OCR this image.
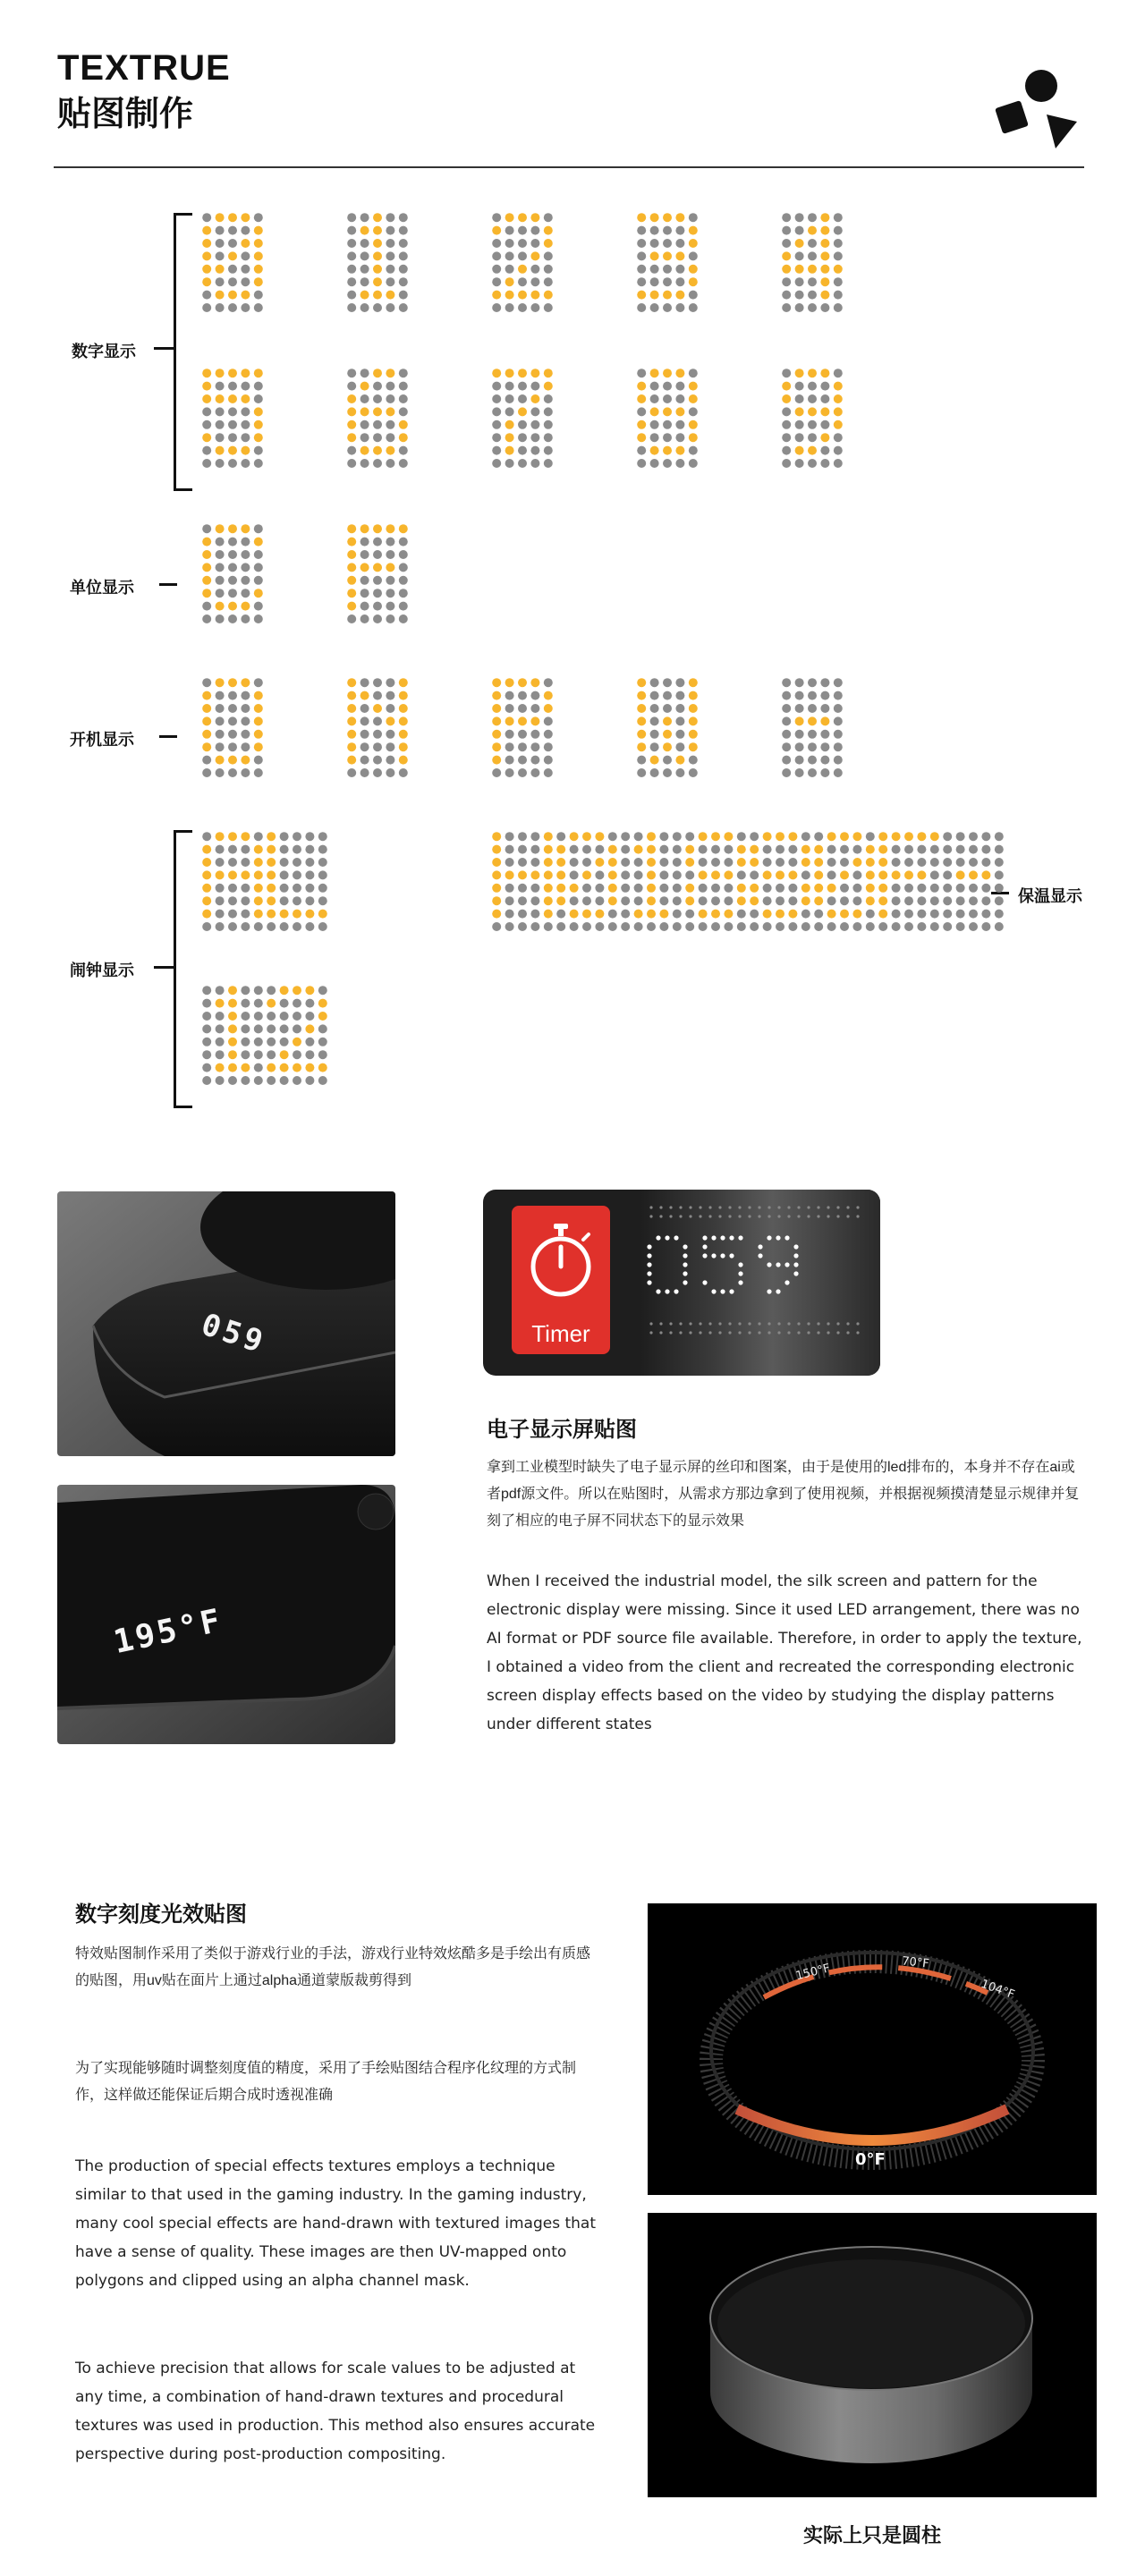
TEXTRUE
贴图制作
数字显示
单位显示
开机显示
闹钟显示
保温显示
059
195°F
Timer
电子显示屏贴图
拿到工业模型时缺失了电子显示屏的丝印和图案，由于是使用的led排布的，本身并不存在ai或者pdf源文件。所以在贴图时，从需求方那边拿到了使用视频，并根据视频摸清楚显示规律并复刻了相应的电子屏不同状态下的显示效果
When I received the industrial model, the silk screen and pattern for the electronic display were missing. Since it used LED arrangement, there was no AI format or PDF source file available. Therefore, in order to apply the texture, I obtained a video from the client and recreated the corresponding electronic screen display effects based on the video by studying the display patterns under different states
数字刻度光效贴图
特效贴图制作采用了类似于游戏行业的手法，游戏行业特效炫酷多是手绘出有质感的贴图，用uv贴在面片上通过alpha通道蒙版裁剪得到
为了实现能够随时调整刻度值的精度，采用了手绘贴图结合程序化纹理的方式制作，这样做还能保证后期合成时透视准确
The production of special effects textures employs a technique similar to that used in the gaming industry. In the gaming industry, many cool special effects are hand-drawn with textured images that have a sense of quality. These images are then UV-mapped onto polygons and clipped using an alpha channel mask.
To achieve precision that allows for scale values to be adjusted at any time, a combination of hand-drawn textures and procedural textures was used in production. This method also ensures accurate perspective during post-production compositing.
150°F	70°F
104°F
0°F
实际上只是圆柱
